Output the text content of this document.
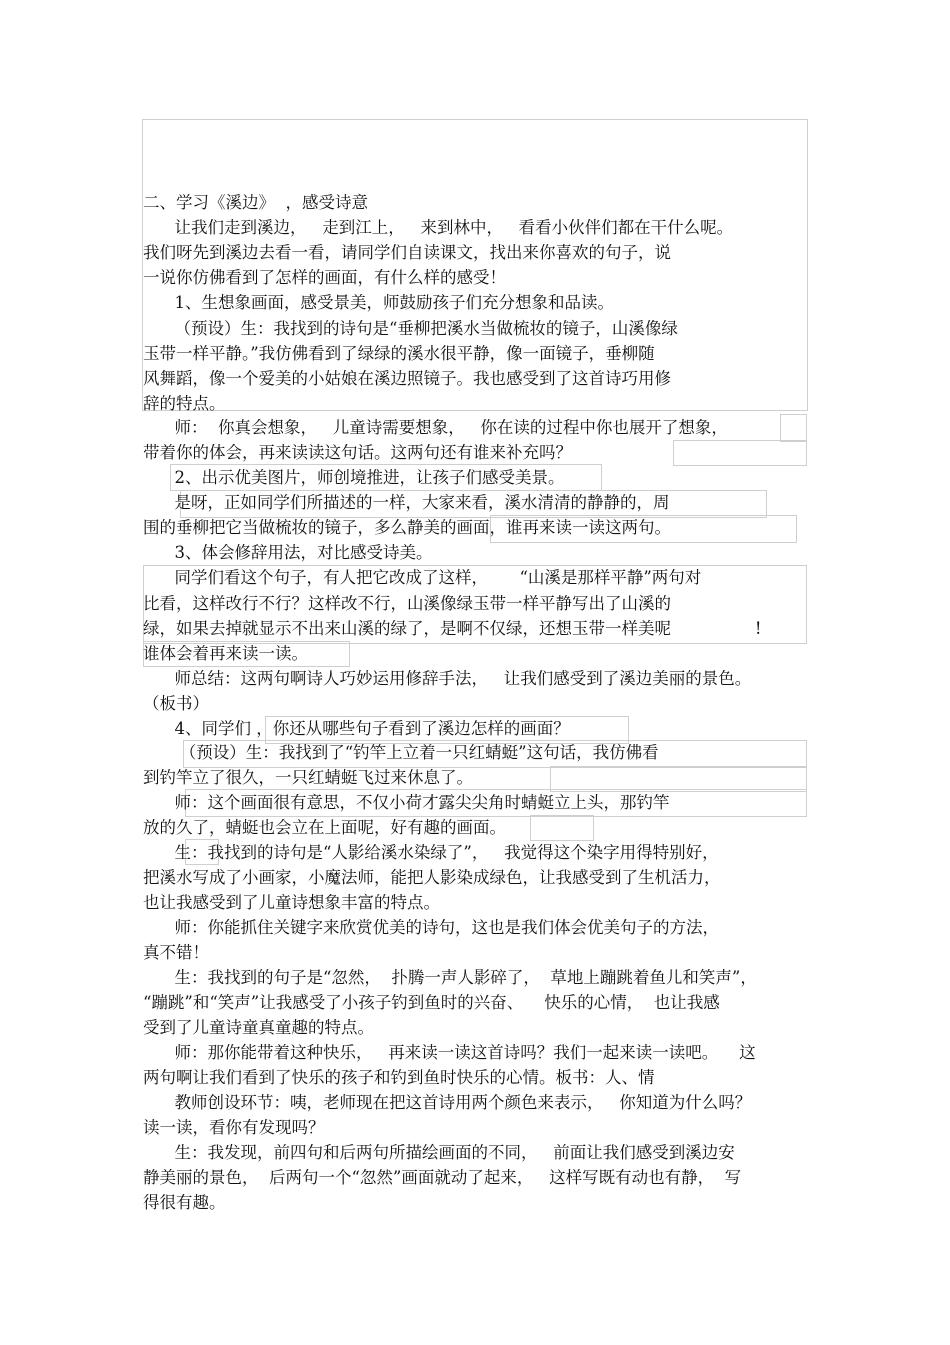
二、学习《溪边》  ，感受诗意
让我们走到溪边，   走到江上，   来到林中，   看看小伙伴们都在干什么呢。
我们呀先到溪边去看一看，请同学们自读课文，找出来你喜欢的句子，说
一说你仿佛看到了怎样的画面，有什么样的感受！
1、生想象画面，感受景美，师鼓励孩子们充分想象和品读。
（预设）生：我找到的诗句是“垂柳把溪水当做梳妆的镜子，山溪像绿
玉带一样平静。”我仿佛看到了绿绿的溪水很平静，像一面镜子，垂柳随
风舞蹈，像一个爱美的小姑娘在溪边照镜子。我也感受到了这首诗巧用修
辞的特点。
师：  你真会想象，   儿童诗需要想象，   你在读的过程中你也展开了想象，
带着你的体会，再来读读这句话。这两句还有谁来补充吗？
2、出示优美图片，师创境推进，让孩子们感受美景。
是呀，正如同学们所描述的一样，大家来看，溪水清清的静静的，周
围的垂柳把它当做梳妆的镜子，多么静美的画面，谁再来读一读这两句。
3、体会修辞用法，对比感受诗美。
同学们看这个句子，有人把它改成了这样，      “山溪是那样平静”两句对
比看，这样改行不行？这样改不行，山溪像绿玉带一样平静写出了山溪的
绿，如果去掉就显示不出来山溪的绿了，是啊不仅绿，还想玉带一样美呢                !
谁体会着再来读一读。
师总结：这两句啊诗人巧妙运用修辞手法，   让我们感受到了溪边美丽的景色。
（板书）
4、同学们 ，你还从哪些句子看到了溪边怎样的画面？
（预设）生：我找到了“钓竿上立着一只红蜻蜓”这句话，我仿佛看
到钓竿立了很久，一只红蜻蜓飞过来休息了。
师：这个画面很有意思，不仅小荷才露尖尖角时蜻蜓立上头，那钓竿
放的久了，蜻蜓也会立在上面呢，好有趣的画面。
生：我找到的诗句是“人影给溪水染绿了”，   我觉得这个染字用得特别好，
把溪水写成了小画家，小魔法师，能把人影染成绿色，让我感受到了生机活力，
也让我感受到了儿童诗想象丰富的特点。
师：你能抓住关键字来欣赏优美的诗句，这也是我们体会优美句子的方法，
真不错！
生：我找到的句子是“忽然，  扑腾一声人影碎了，  草地上蹦跳着鱼儿和笑声”，
“蹦跳”和“笑声”让我感受了小孩子钓到鱼时的兴奋、    快乐的心情，  也让我感
受到了儿童诗童真童趣的特点。
师：那你能带着这种快乐，   再来读一读这首诗吗？我们一起来读一读吧。    这
两句啊让我们看到了快乐的孩子和钓到鱼时快乐的心情。板书：人、情
教师创设环节：咦，老师现在把这首诗用两个颜色来表示，   你知道为什么吗？
读一读，看你有发现吗？
生：我发现，前四句和后两句所描绘画面的不同，   前面让我们感受到溪边安
静美丽的景色，  后两句一个“忽然”画面就动了起来，   这样写既有动也有静，  写
得很有趣。
